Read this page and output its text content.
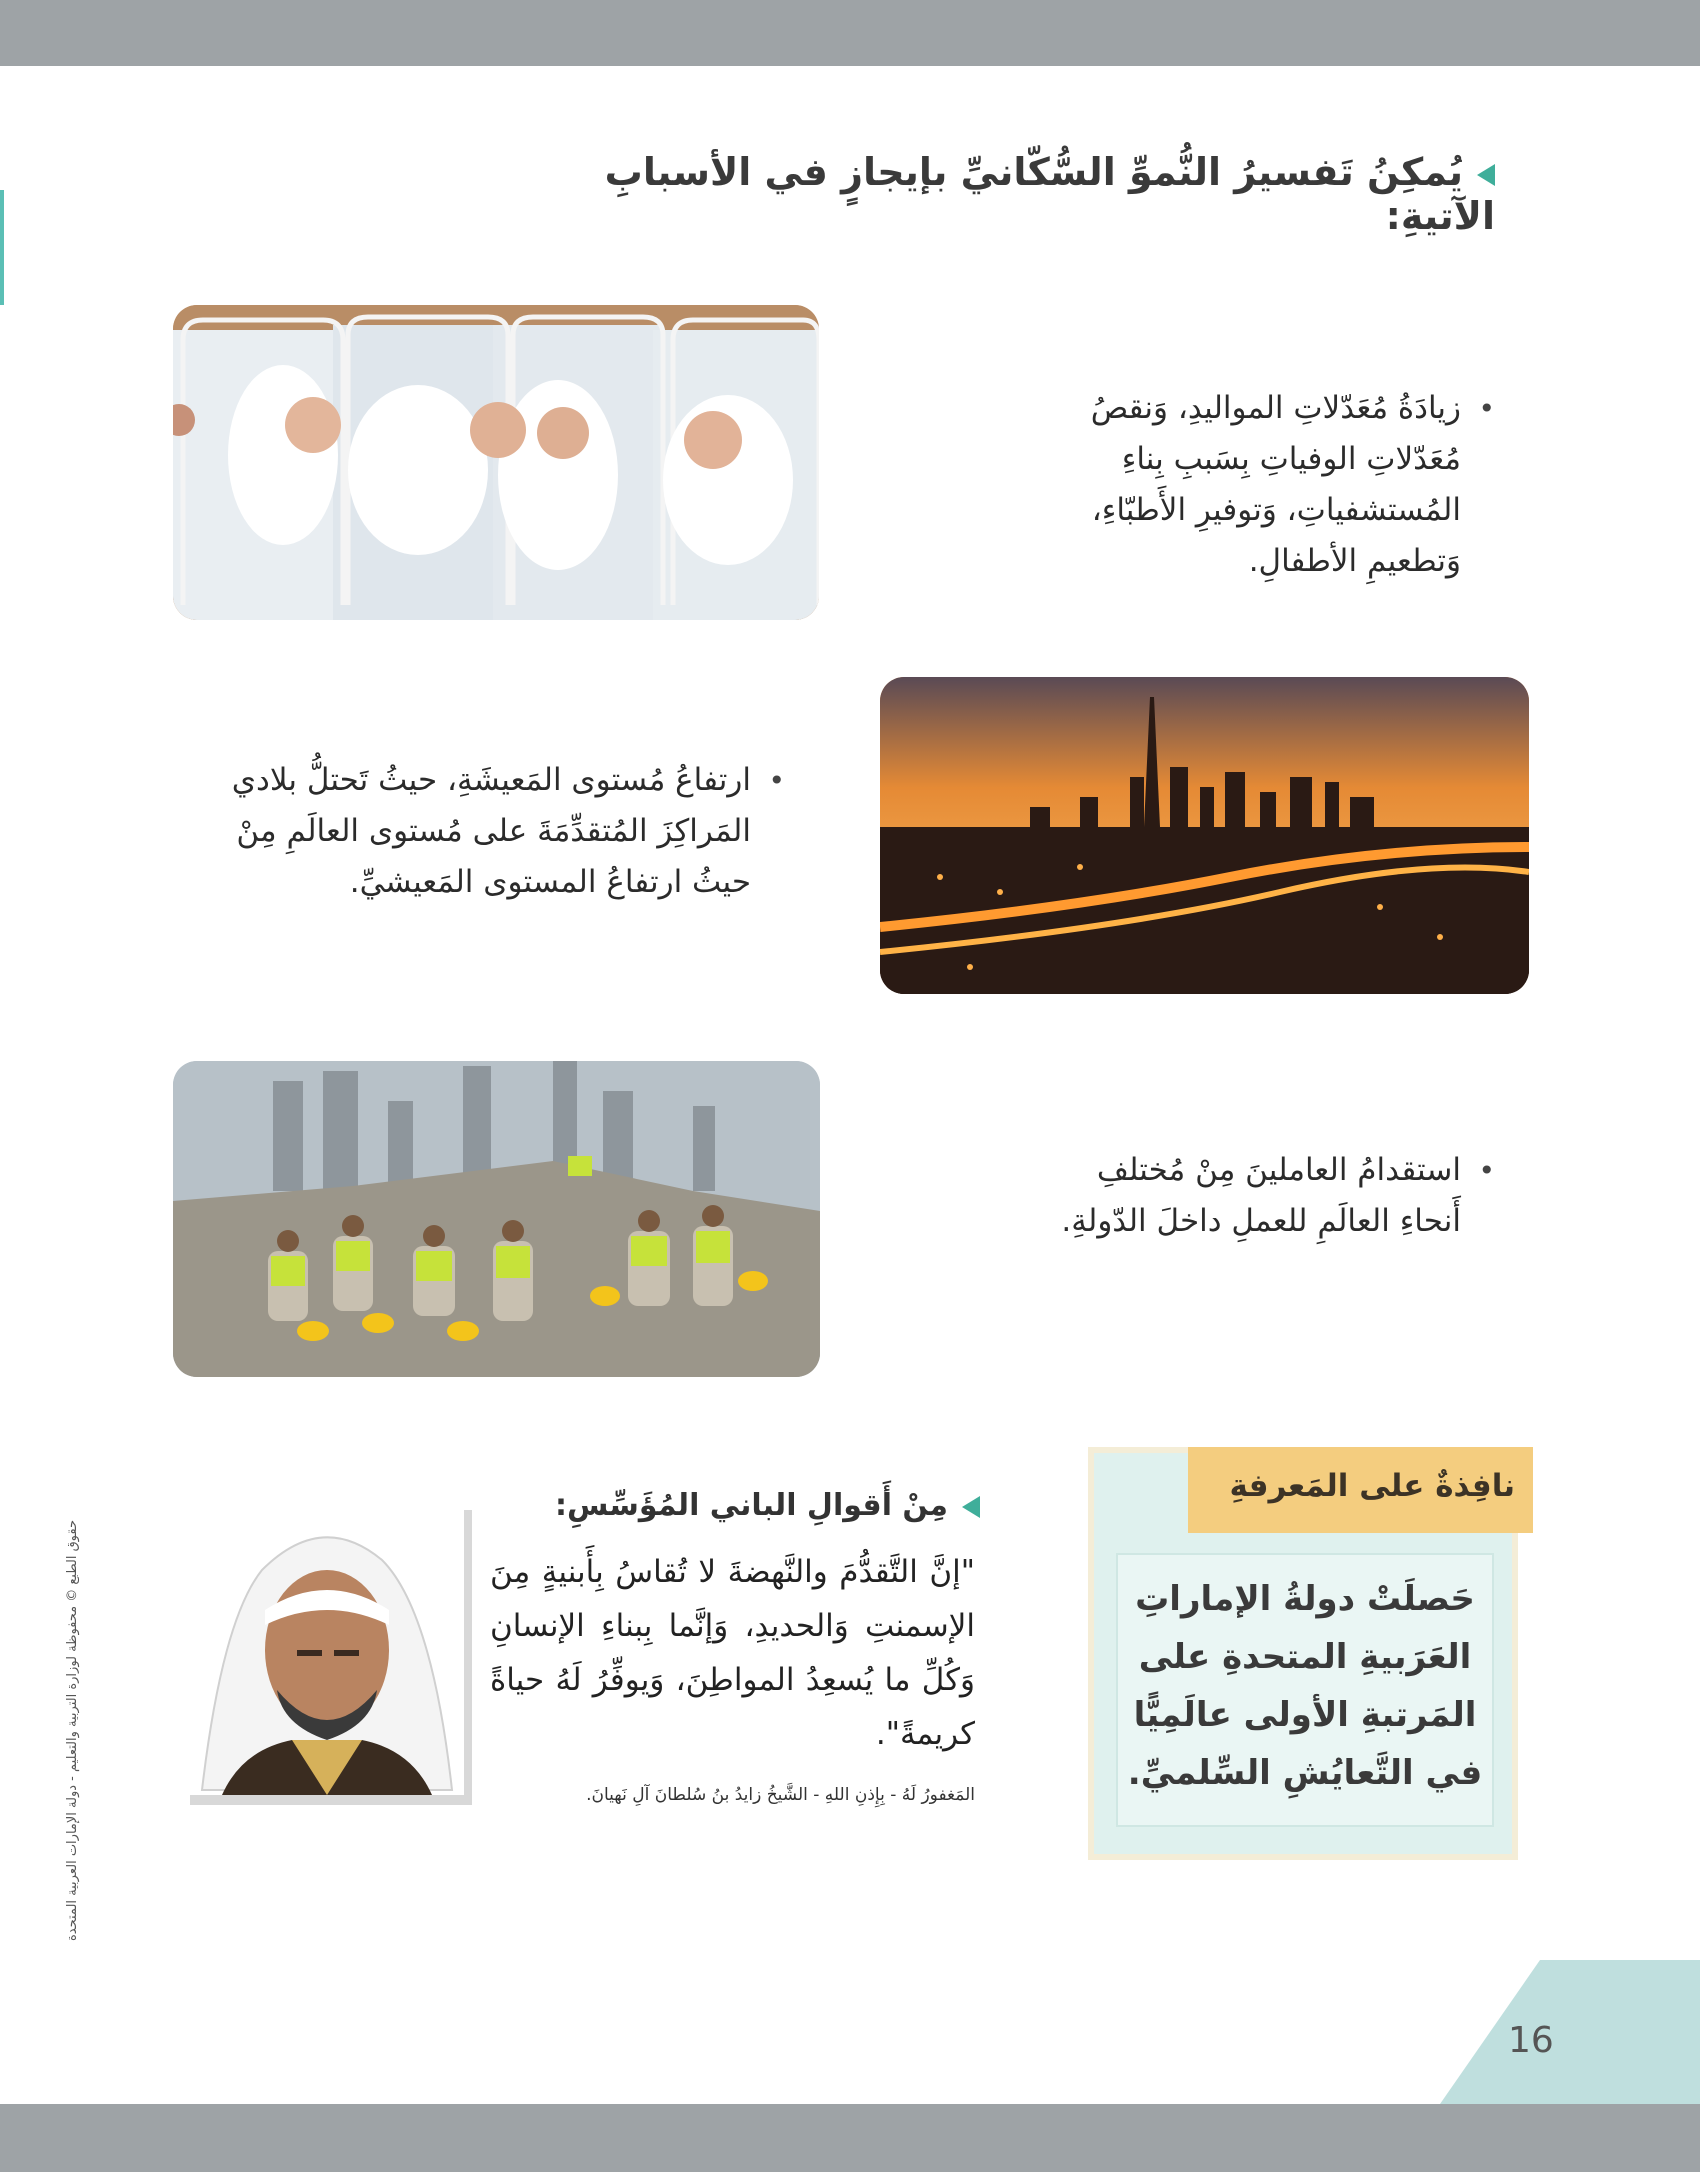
يُمكِنُ تَفسيرُ النُّموِّ السُّكّانيِّ بإيجازٍ في الأسبابِ الآتيةِ:
• زيادَةُ مُعَدّلاتِ المواليدِ، وَنقصُ مُعَدّلاتِ الوفياتِ بِسَببِ بِناءِ المُستشفياتِ، وَتوفيرِ الأَطبّاءِ، وَتطعيمِ الأطفالِ.
• ارتفاعُ مُستوى المَعيشَةِ، حيثُ تَحتلُّ بلادي المَراكِزَ المُتقدِّمَةَ على مُستوى العالَمِ مِنْ حيثُ ارتفاعُ المستوى المَعيشيِّ.
• استقدامُ العاملينَ مِنْ مُختلفِ أَنحاءِ العالَمِ للعملِ داخلَ الدّولةِ.
مِنْ أَقوالِ الباني المُؤَسِّسِ:
"إنَّ التَّقدُّمَ والنَّهضةَ لا تُقاسُ بِأَبنيةٍ مِنَ الإسمنتِ وَالحديدِ، وَإنَّما بِبناءِ الإنسانِ وَكُلِّ ما يُسعِدُ المواطِنَ، وَيوفِّرُ لَهُ حياةً كريمةً".
المَغفورُ لَهُ - بِإِذنِ اللهِ - الشَّيخُ زايدُ بنُ سُلطانَ آلِ نَهيانَ.
نافِذةٌ على المَعرفةِ
حَصلَتْ دولةُ الإماراتِ العَرَبيةِ المتحدةِ على المَرتبةِ الأولى عالَمِيًّا في التَّعايُشِ السِّلميِّ.
حقوق الطبع © محفوظة لوزارة التربية والتعليم - دولة الإمارات العربية المتحدة
16
